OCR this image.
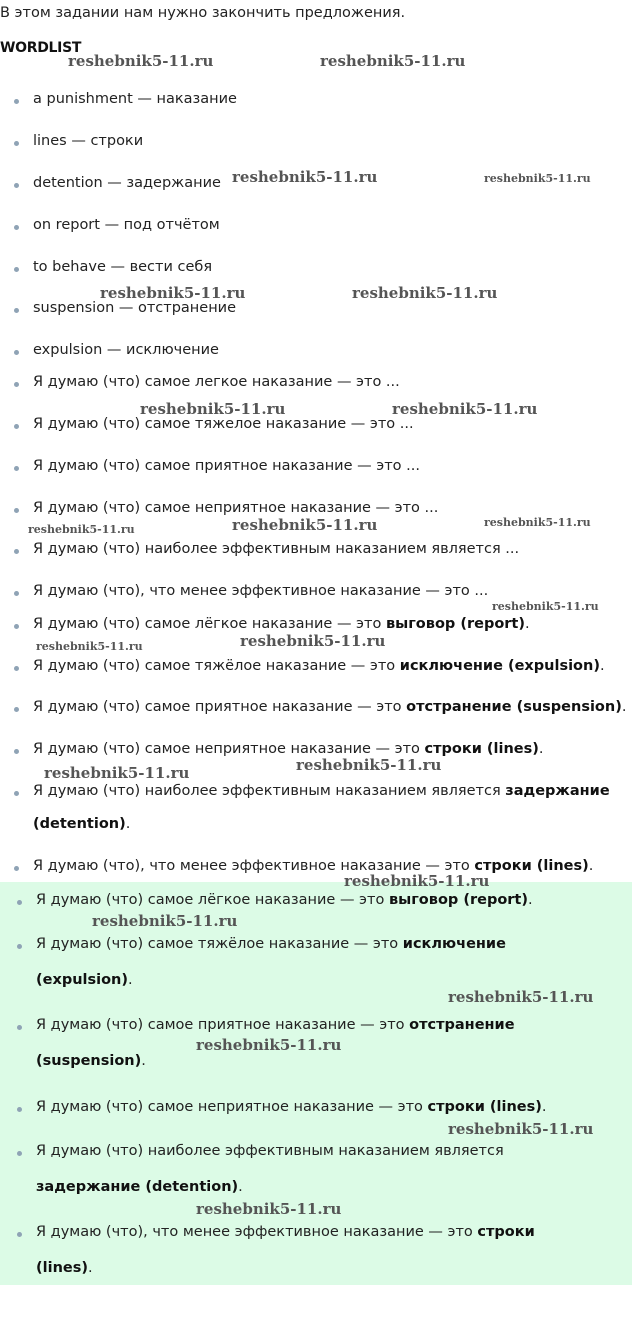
В этом задании нам нужно закончить предложения.
WORDLIST
a punishment — наказание
lines — строки
detention — задержание
on report — под отчётом
to behave — вести себя
suspension — отстранение
expulsion — исключение
Я думаю (что) самое легкое наказание — это ...
Я думаю (что) самое тяжелое наказание — это ...
Я думаю (что) самое приятное наказание — это ...
Я думаю (что) самое неприятное наказание — это ...
Я думаю (что) наиболее эффективным наказанием является ...
Я думаю (что), что менее эффективное наказание — это ...
Я думаю (что) самое лёгкое наказание — это выговор (report).
Я думаю (что) самое тяжёлое наказание — это исключение (expulsion).
Я думаю (что) самое приятное наказание — это отстранение (suspension).
Я думаю (что) самое неприятное наказание — это строки (lines).
Я думаю (что) наиболее эффективным наказанием является задержание
(detention).
Я думаю (что), что менее эффективное наказание — это строки (lines).
Я думаю (что) самое лёгкое наказание — это выговор (report).
Я думаю (что) самое тяжёлое наказание — это исключение
(expulsion).
Я думаю (что) самое приятное наказание — это отстранение
(suspension).
Я думаю (что) самое неприятное наказание — это строки (lines).
Я думаю (что) наиболее эффективным наказанием является
задержание (detention).
Я думаю (что), что менее эффективное наказание — это строки
(lines).
reshebnik5-11.ru	reshebnik5-11.ru
reshebnik5-11.ru	reshebnik5-11.ru
reshebnik5-11.ru	reshebnik5-11.ru
reshebnik5-11.ru	reshebnik5-11.ru
reshebnik5-11.ru	reshebnik5-11.ru	reshebnik5-11.ru
reshebnik5-11.ru
reshebnik5-11.ru	reshebnik5-11.ru
reshebnik5-11.ru	reshebnik5-11.ru
reshebnik5-11.ru
reshebnik5-11.ru
reshebnik5-11.ru
reshebnik5-11.ru
reshebnik5-11.ru
reshebnik5-11.ru
